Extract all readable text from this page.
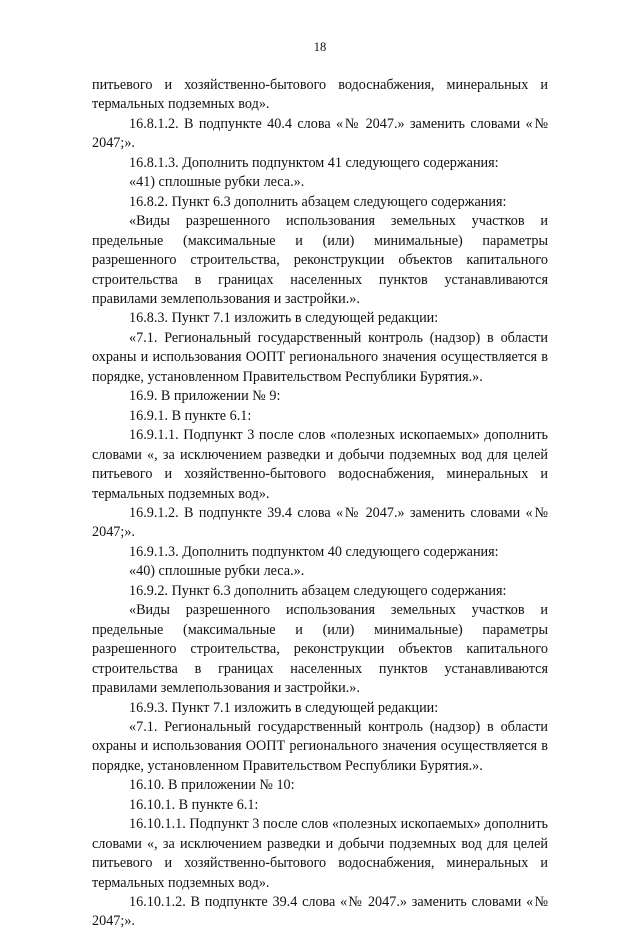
18

питьевого и хозяйственно-бытового водоснабжения, минеральных и термальных подземных вод».

16.8.1.2. В подпункте 40.4 слова «№ 2047.» заменить словами «№ 2047;».

16.8.1.3. Дополнить подпунктом 41 следующего содержания:

«41) сплошные рубки леса.».

16.8.2. Пункт 6.3 дополнить абзацем следующего содержания:

«Виды разрешенного использования земельных участков и предельные (максимальные и (или) минимальные) параметры разрешенного строительства, реконструкции объектов капитального строительства в границах населенных пунктов устанавливаются правилами землепользования и застройки.».

16.8.3. Пункт 7.1 изложить в следующей редакции:

«7.1. Региональный государственный контроль (надзор) в области охраны и использования ООПТ регионального значения осуществляется в порядке, установленном Правительством Республики Бурятия.».

16.9. В приложении № 9:

16.9.1. В пункте 6.1:

16.9.1.1. Подпункт 3 после слов «полезных ископаемых» дополнить словами «, за исключением разведки и добычи подземных вод для целей питьевого и хозяйственно-бытового водоснабжения, минеральных и термальных подземных вод».

16.9.1.2. В подпункте 39.4 слова «№ 2047.» заменить словами «№ 2047;».

16.9.1.3. Дополнить подпунктом 40 следующего содержания:

«40) сплошные рубки леса.».

16.9.2. Пункт 6.3 дополнить абзацем следующего содержания:

«Виды разрешенного использования земельных участков и предельные (максимальные и (или) минимальные) параметры разрешенного строительства, реконструкции объектов капитального строительства в границах населенных пунктов устанавливаются правилами землепользования и застройки.».

16.9.3. Пункт 7.1 изложить в следующей редакции:

«7.1. Региональный государственный контроль (надзор) в области охраны и использования ООПТ регионального значения осуществляется в порядке, установленном Правительством Республики Бурятия.».

16.10. В приложении № 10:

16.10.1. В пункте 6.1:

16.10.1.1. Подпункт 3 после слов «полезных ископаемых» дополнить словами «, за исключением разведки и добычи подземных вод для целей питьевого и хозяйственно-бытового водоснабжения, минеральных и термальных подземных вод».

16.10.1.2. В подпункте 39.4 слова «№ 2047.» заменить словами «№ 2047;».
